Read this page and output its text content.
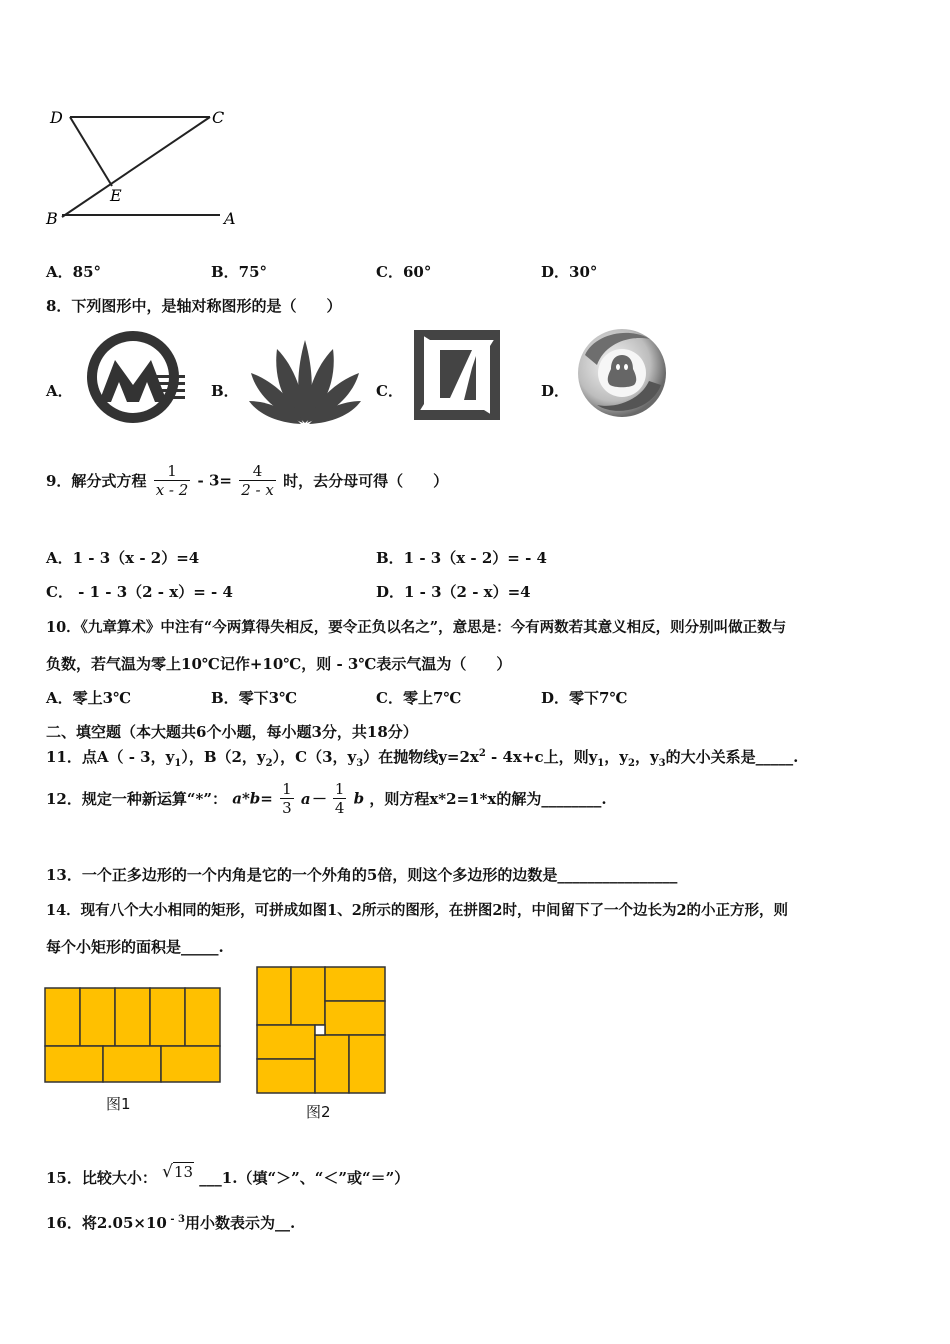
D	C
E
B	A
A．85°	B．75°	C．60°	D．30°
8．下列图形中，是轴对称图形的是（　　）
A．	B．	C．	D．
9．解分式方程 $\frac{1}{x - 2} - 3= \frac{4}{2 - x}$ 时，去分母可得（　　）
A．1 - 3（x - 2）=4	B．1 - 3（x - 2）= - 4
C． - 1 - 3（2 - x）= - 4	D．1 - 3（2 - x）=4
10．《九章算术》中注有“今两算得失相反，要令正负以名之”，意思是：今有两数若其意义相反，则分别叫做正数与
负数，若气温为零上10℃记作+10℃，则 - 3℃表示气温为（　　）
A．零上3℃	B．零下3℃	C．零上7℃	D．零下7℃
二、填空题（本大题共6个小题，每小题3分，共18分）
11．点A（ - 3，$y_1$），B（2，$y_2$），C（3，$y_3$）在抛物线$y=2x^2 - 4x+c$上，则$y_1$，$y_2$，$y_3$的大小关系是_____.
12．规定一种新运算“*”： $a*b= \frac{1}{3} a- \frac{1}{4}$ b ，则方程x*2=1*x的解为________.
13．一个正多边形的一个内角是它的一个外角的5倍，则这个多边形的边数是________________
14．现有八个大小相同的矩形，可拼成如图1、2所示的图形，在拼图2时，中间留下了一个边长为2的小正方形，则
每个小矩形的面积是_____.
图1	图2
15．比较大小： √13 ___1.（填“＞”、“＜”或“＝”）
16．将2.05×10 $^{- 3}$用小数表示为__.
